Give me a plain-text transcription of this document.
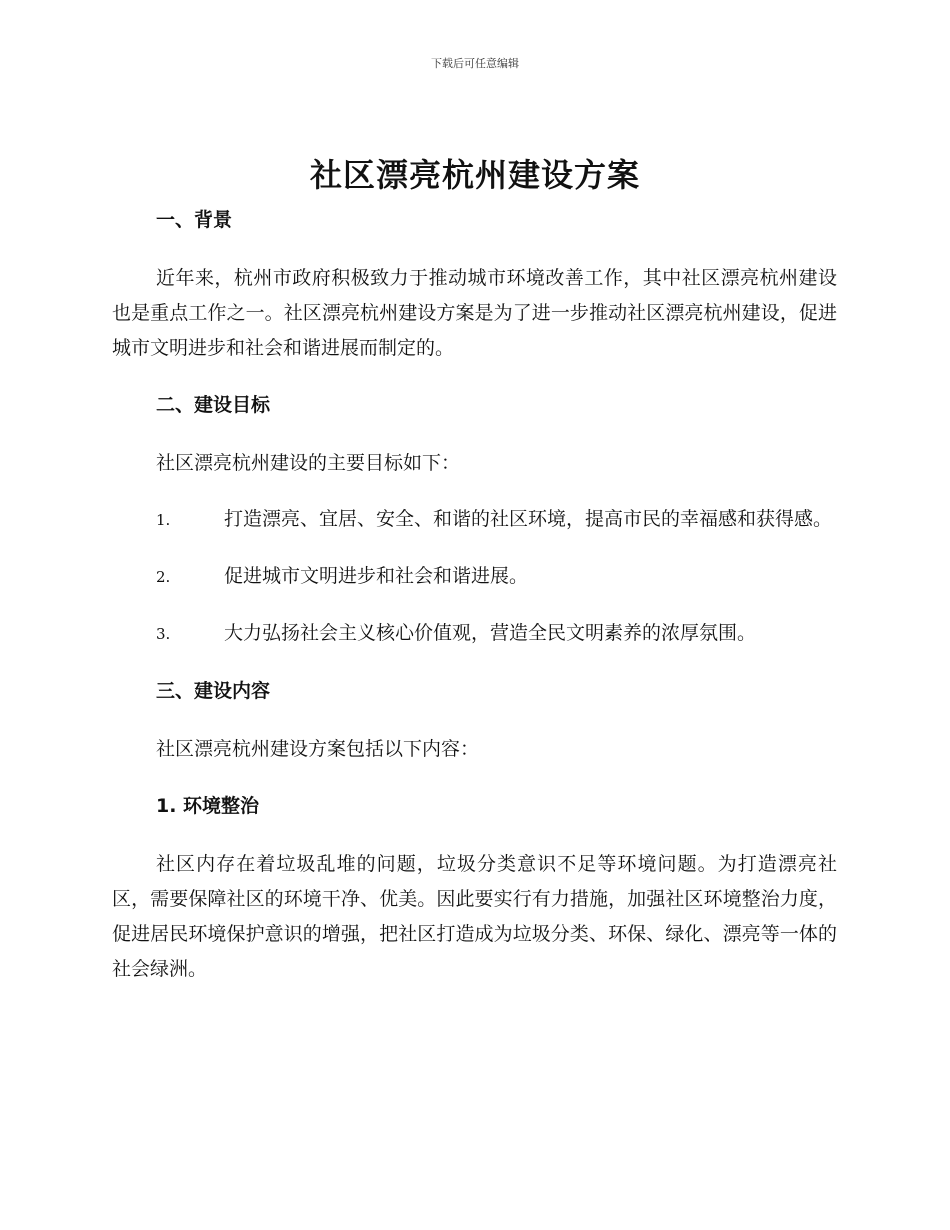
下载后可任意编辑
社区漂亮杭州建设方案

一、背景

近年来，杭州市政府积极致力于推动城市环境改善工作，其中社区漂亮杭州建设也是重点工作之一。社区漂亮杭州建设方案是为了进一步推动社区漂亮杭州建设，促进城市文明进步和社会和谐进展而制定的。

二、建设目标

社区漂亮杭州建设的主要目标如下：

1.	打造漂亮、宜居、安全、和谐的社区环境，提高市民的幸福感和获得感。

2.	促进城市文明进步和社会和谐进展。

3.	大力弘扬社会主义核心价值观，营造全民文明素养的浓厚氛围。

三、建设内容

社区漂亮杭州建设方案包括以下内容：

1. 环境整治

社区内存在着垃圾乱堆的问题，垃圾分类意识不足等环境问题。为打造漂亮社区，需要保障社区的环境干净、优美。因此要实行有力措施，加强社区环境整治力度，促进居民环境保护意识的增强，把社区打造成为垃圾分类、环保、绿化、漂亮等一体的社会绿洲。
